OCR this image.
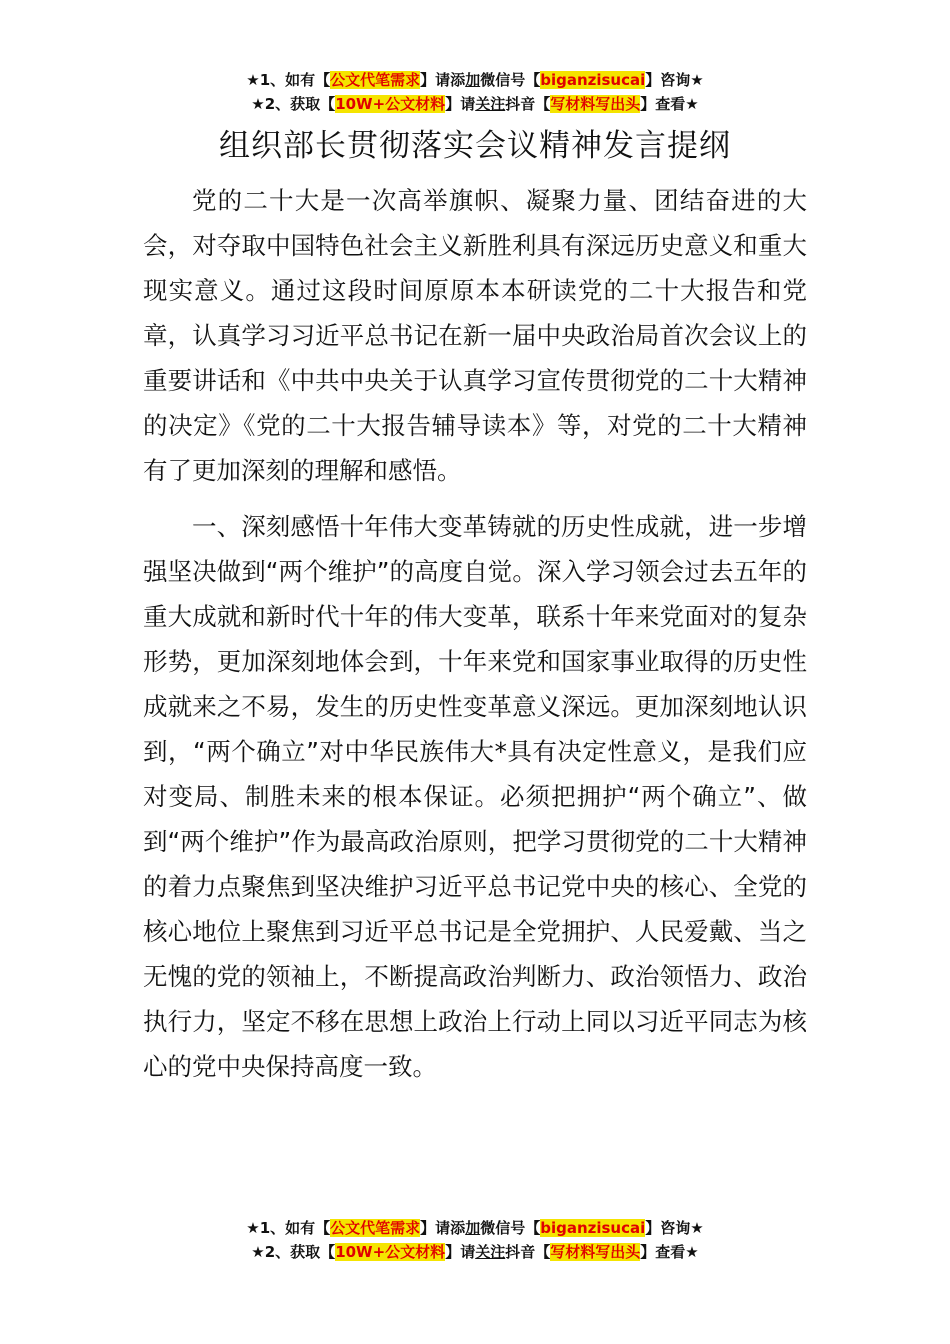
★1、如有【公文代笔需求】请添加微信号【biganzisucai】咨询★
★2、获取【10W+公文材料】请关注抖音【写材料写出头】查看★
组织部长贯彻落实会议精神发言提纲

党的二十大是一次高举旗帜、凝聚力量、团结奋进的大会，对夺取中国特色社会主义新胜利具有深远历史意义和重大现实意义。通过这段时间原原本本研读党的二十大报告和党章，认真学习习近平总书记在新一届中央政治局首次会议上的重要讲话和《中共中央关于认真学习宣传贯彻党的二十大精神的决定》《党的二十大报告辅导读本》等，对党的二十大精神有了更加深刻的理解和感悟。

一、深刻感悟十年伟大变革铸就的历史性成就，进一步增强坚决做到“两个维护”的高度自觉。深入学习领会过去五年的重大成就和新时代十年的伟大变革，联系十年来党面对的复杂形势，更加深刻地体会到，十年来党和国家事业取得的历史性成就来之不易，发生的历史性变革意义深远。更加深刻地认识到，“两个确立”对中华民族伟大*具有决定性意义，是我们应对变局、制胜未来的根本保证。必须把拥护“两个确立”、做到“两个维护”作为最高政治原则，把学习贯彻党的二十大精神的着力点聚焦到坚决维护习近平总书记党中央的核心、全党的核心地位上聚焦到习近平总书记是全党拥护、人民爱戴、当之无愧的党的领袖上，不断提高政治判断力、政治领悟力、政治执行力，坚定不移在思想上政治上行动上同以习近平同志为核心的党中央保持高度一致。

★1、如有【公文代笔需求】请添加微信号【biganzisucai】咨询★
★2、获取【10W+公文材料】请关注抖音【写材料写出头】查看★
